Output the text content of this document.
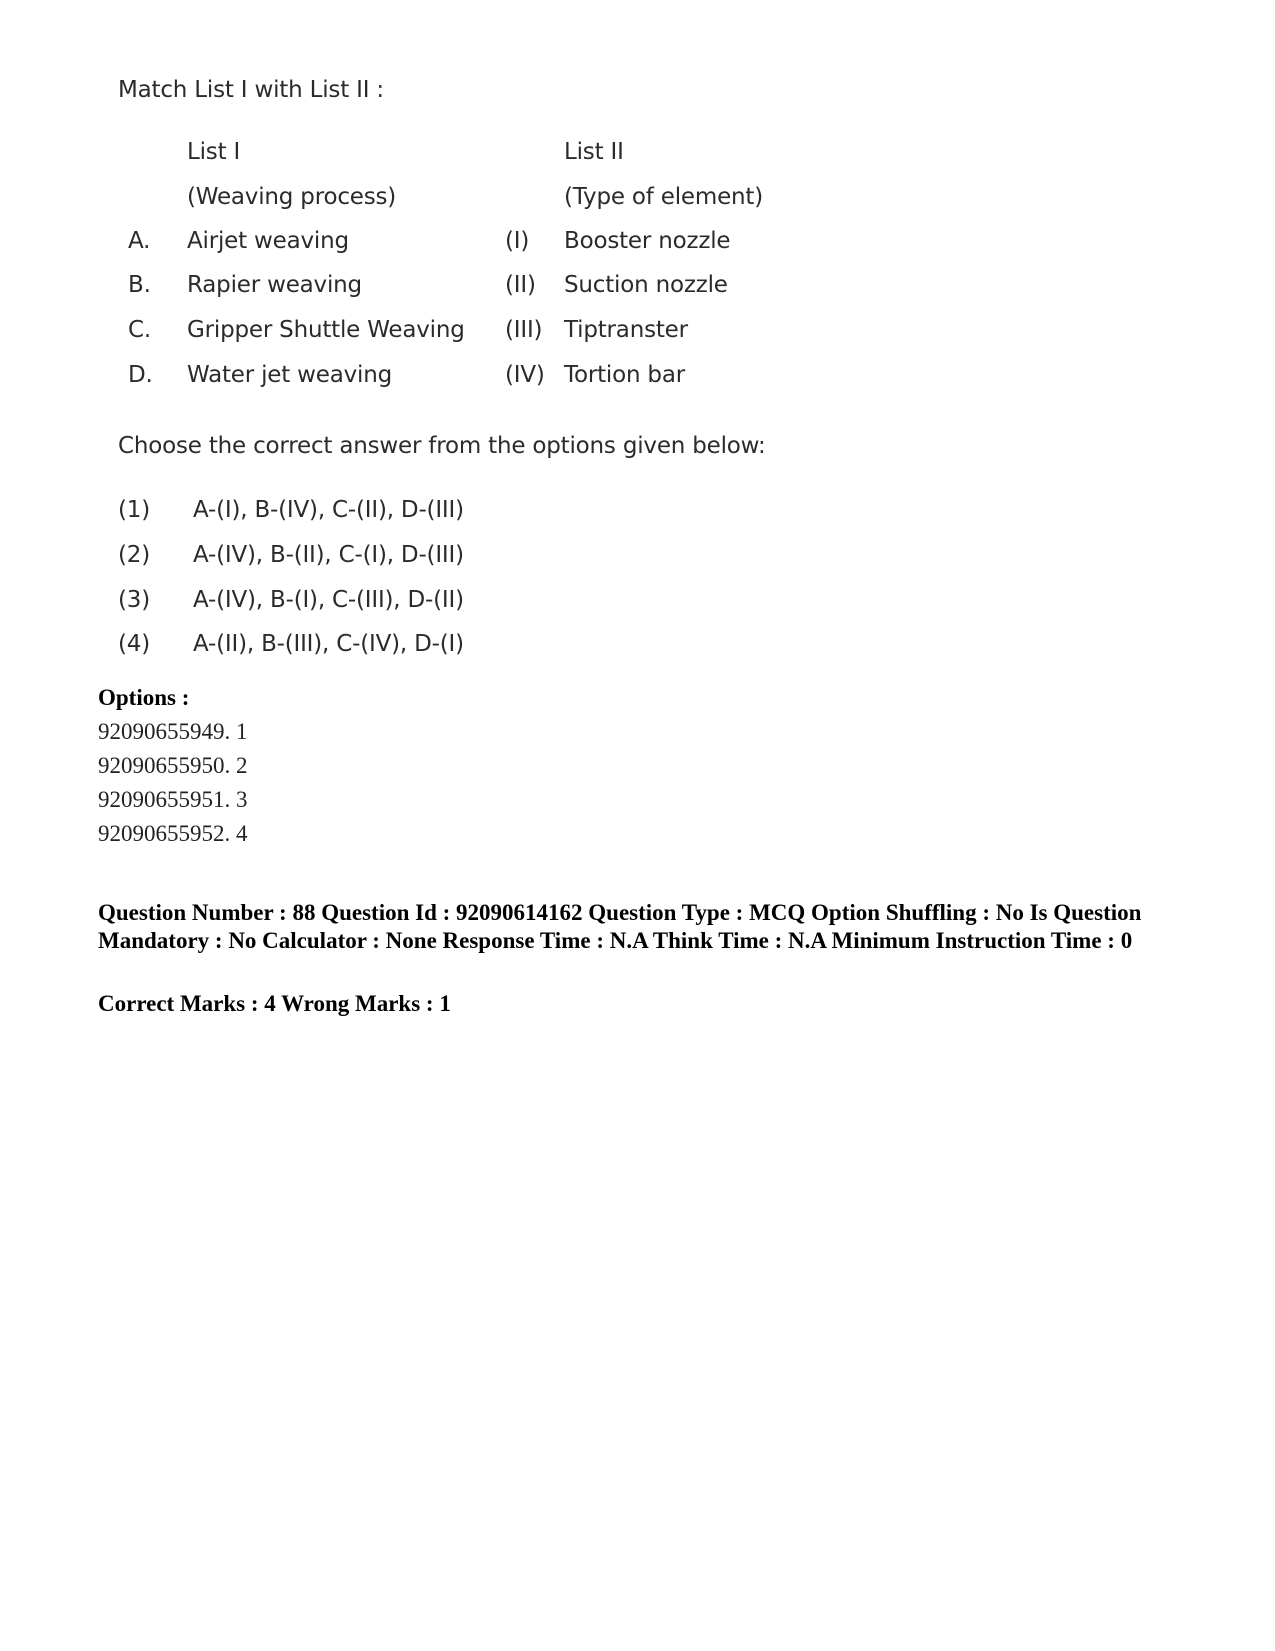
Match List I with List II :
List I	List II
(Weaving process)	(Type of element)
A. Airjet weaving	(I) Booster nozzle
B. Rapier weaving	(II) Suction nozzle
C. Gripper Shuttle Weaving (III) Tiptranster
D. Water jet weaving	(IV) Tortion bar
Choose the correct answer from the options given below:
(1) A-(I), B-(IV), C-(II), D-(III)
(2) A-(IV), B-(II), C-(I), D-(III)
(3) A-(IV), B-(I), C-(III), D-(II)
(4) A-(II), B-(III), C-(IV), D-(I)
Options :
92090655949. 1
92090655950. 2
92090655951. 3
92090655952. 4
Question Number : 88 Question Id : 92090614162 Question Type : MCQ Option Shuffling : No Is Question Mandatory : No Calculator : None Response Time : N.A Think Time : N.A Minimum Instruction Time : 0
Correct Marks : 4 Wrong Marks : 1
